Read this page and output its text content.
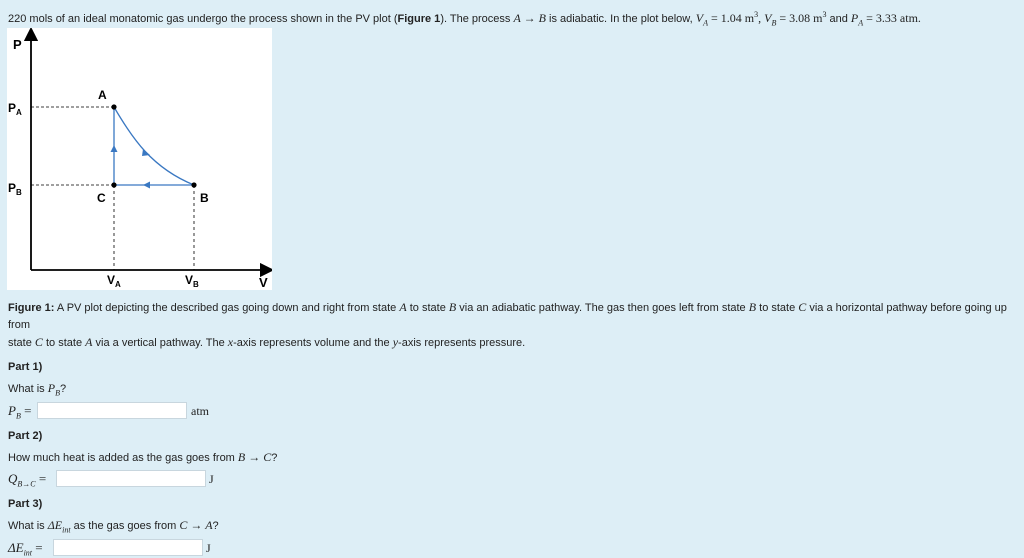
220 mols of an ideal monatomic gas undergo the process shown in the PV plot (Figure 1). The process A → B is adiabatic. In the plot below, $V_A = 1.04$ $m^3$, $V_B = 3.08$ $m^3$ and $P_A = 3.33$ atm.
P
V
$P_A$
$P_B$
$V_A$	$V_B$
A
B
C
Figure 1: A PV plot depicting the described gas going down and right from state A to state B via an adiabatic pathway. The gas then goes left from state B to state C via a horizontal pathway before going up from
state C to state A via a vertical pathway. The x-axis represents volume and the y-axis represents pressure.
Part 1)
What is $P_B$?
$P_B$ =	atm
Part 2)
How much heat is added as the gas goes from B → C?
$Q_{B\to C}$ =	J
Part 3)
What is $\Delta E_{int}$ as the gas goes from C → A?
$\Delta E_{int}$ =	J
